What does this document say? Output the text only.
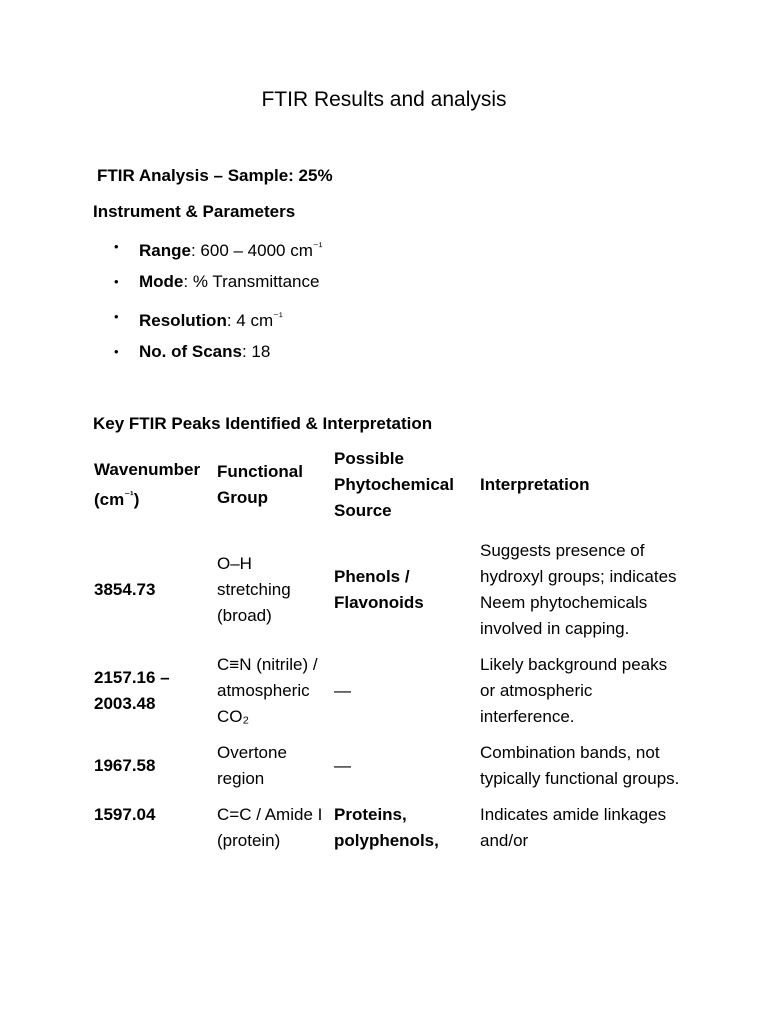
FTIR Results and analysis
FTIR Analysis – Sample: 25%
Instrument & Parameters
• Range: 600 – 4000 $cm^{^{-1}}$
• Mode: % Transmittance
• Resolution: 4 $cm^{^{-1}}$
• No. of Scans: 18
Key FTIR Peaks Identified & Interpretation
Wavenumber
$(cm^{^{-1}})$	Functional Group	Possible Phytochemical Source	Interpretation
3854.73	O–H stretching (broad)	Phenols / Flavonoids	Suggests presence of hydroxyl groups; indicates Neem phytochemicals involved in capping.
2157.16 – 2003.48	C≡N (nitrile) / atmospheric CO₂	—	Likely background peaks or atmospheric interference.
1967.58	Overtone region	—	Combination bands, not typically functional groups.
1597.04	C=C / Amide I (protein)	Proteins, polyphenols,	Indicates amide linkages and/or
